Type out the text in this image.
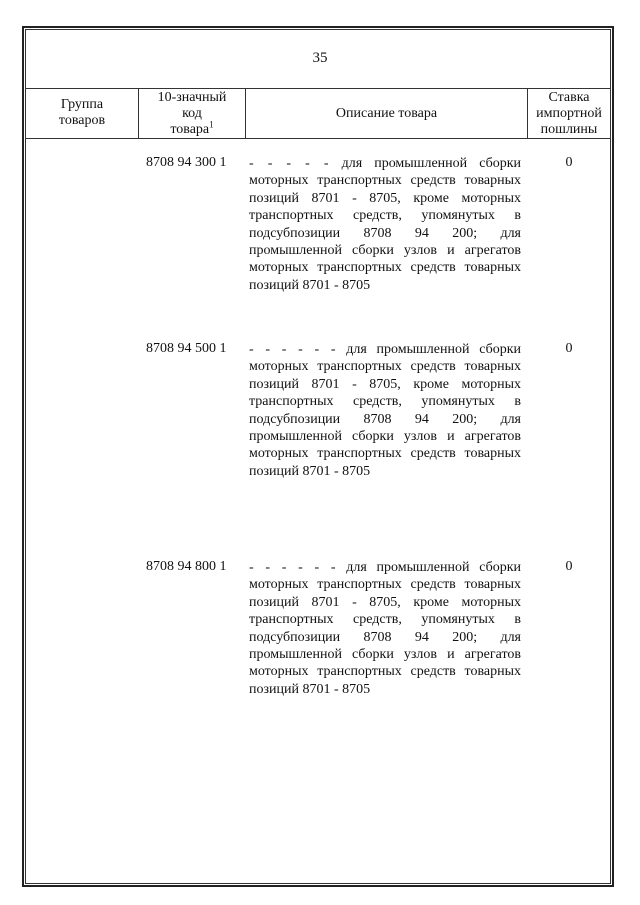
35
Группа
товаров
10-значный
код
товара$^1$
Описание товара
Ставка
импортной
пошлины
8708 94 300 1 - - - - - для промышленной сборки моторных транспортных средств товарных позиций 8701 - 8705, кроме моторных транспортных средств, упомянутых в подсубпозиции 8708 94 200; для промышленной сборки узлов и агрегатов моторных транспортных средств товарных позиций 8701 - 8705
0
8708 94 500 1 - - - - - - для промышленной сборки моторных транспортных средств товарных позиций 8701 - 8705, кроме моторных транспортных средств, упомянутых в подсубпозиции 8708 94 200; для промышленной сборки узлов и агрегатов моторных транспортных средств товарных позиций 8701 - 8705
0
8708 94 800 1 - - - - - - для промышленной сборки моторных транспортных средств товарных позиций 8701 - 8705, кроме моторных транспортных средств, упомянутых в подсубпозиции 8708 94 200; для промышленной сборки узлов и агрегатов моторных транспортных средств товарных позиций 8701 - 8705
0
